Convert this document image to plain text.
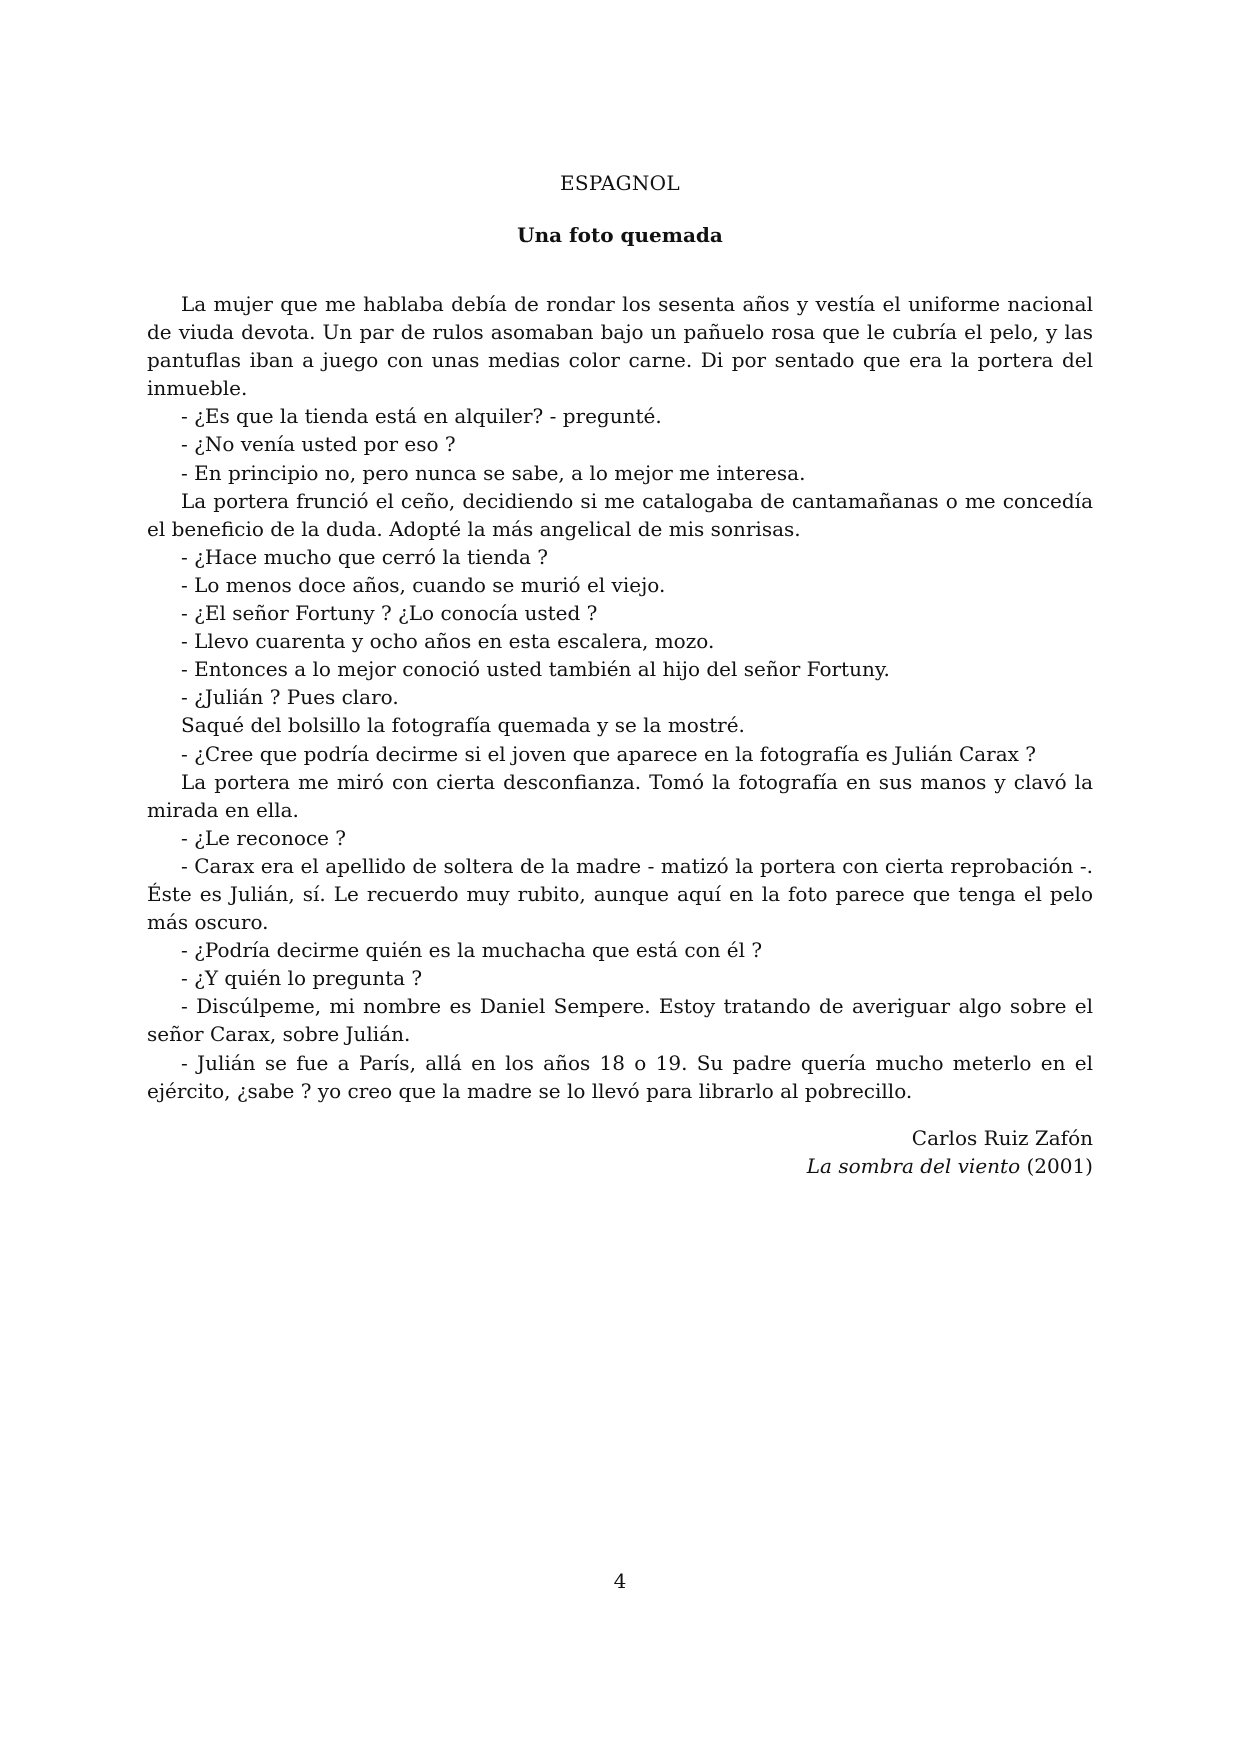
ESPAGNOL
Una foto quemada

La mujer que me hablaba debía de rondar los sesenta años y vestía el uniforme nacional de viuda devota. Un par de rulos asomaban bajo un pañuelo rosa que le cubría el pelo, y las pantuflas iban a juego con unas medias color carne. Di por sentado que era la portera del inmueble.

- ¿Es que la tienda está en alquiler? - pregunté.

- ¿No venía usted por eso ?

- En principio no, pero nunca se sabe, a lo mejor me interesa.

La portera frunció el ceño, decidiendo si me catalogaba de cantamañanas o me concedía el beneficio de la duda. Adopté la más angelical de mis sonrisas.

- ¿Hace mucho que cerró la tienda ?

- Lo menos doce años, cuando se murió el viejo.

- ¿El señor Fortuny ? ¿Lo conocía usted ?

- Llevo cuarenta y ocho años en esta escalera, mozo.

- Entonces a lo mejor conoció usted también al hijo del señor Fortuny.

- ¿Julián ? Pues claro.

Saqué del bolsillo la fotografía quemada y se la mostré.

- ¿Cree que podría decirme si el joven que aparece en la fotografía es Julián Carax ?

La portera me miró con cierta desconfianza. Tomó la fotografía en sus manos y clavó la mirada en ella.

- ¿Le reconoce ?

- Carax era el apellido de soltera de la madre - matizó la portera con cierta reprobación -. Éste es Julián, sí. Le recuerdo muy rubito, aunque aquí en la foto parece que tenga el pelo más oscuro.

- ¿Podría decirme quién es la muchacha que está con él ?

- ¿Y quién lo pregunta ?

- Discúlpeme, mi nombre es Daniel Sempere. Estoy tratando de averiguar algo sobre el señor Carax, sobre Julián.

- Julián se fue a París, allá en los años 18 o 19. Su padre quería mucho meterlo en el ejército, ¿sabe ? yo creo que la madre se lo llevó para librarlo al pobrecillo.

Carlos Ruiz Zafón
La sombra del viento (2001)
4
